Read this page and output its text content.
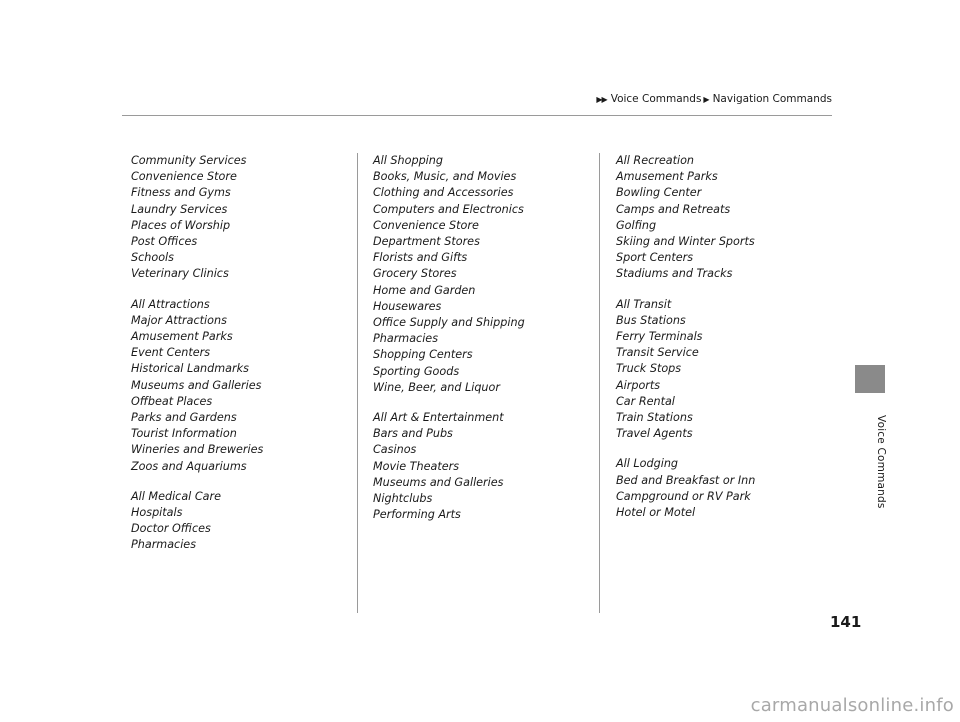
▶▶ Voice Commands ▶ Navigation Commands
Community Services
Convenience Store
Fitness and Gyms
Laundry Services
Places of Worship
Post Offices
Schools
Veterinary Clinics
All Attractions
Major Attractions
Amusement Parks
Event Centers
Historical Landmarks
Museums and Galleries
Offbeat Places
Parks and Gardens
Tourist Information
Wineries and Breweries
Zoos and Aquariums
All Medical Care
Hospitals
Doctor Offices
Pharmacies
All Shopping
Books, Music, and Movies
Clothing and Accessories
Computers and Electronics
Convenience Store
Department Stores
Florists and Gifts
Grocery Stores
Home and Garden
Housewares
Office Supply and Shipping
Pharmacies
Shopping Centers
Sporting Goods
Wine, Beer, and Liquor
All Art & Entertainment
Bars and Pubs
Casinos
Movie Theaters
Museums and Galleries
Nightclubs
Performing Arts
All Recreation
Amusement Parks
Bowling Center
Camps and Retreats
Golfing
Skiing and Winter Sports
Sport Centers
Stadiums and Tracks
All Transit
Bus Stations
Ferry Terminals
Transit Service
Truck Stops
Airports
Car Rental
Train Stations
Travel Agents
All Lodging
Bed and Breakfast or Inn
Campground or RV Park
Hotel or Motel
Voice Commands
141
carmanualsonline.info
